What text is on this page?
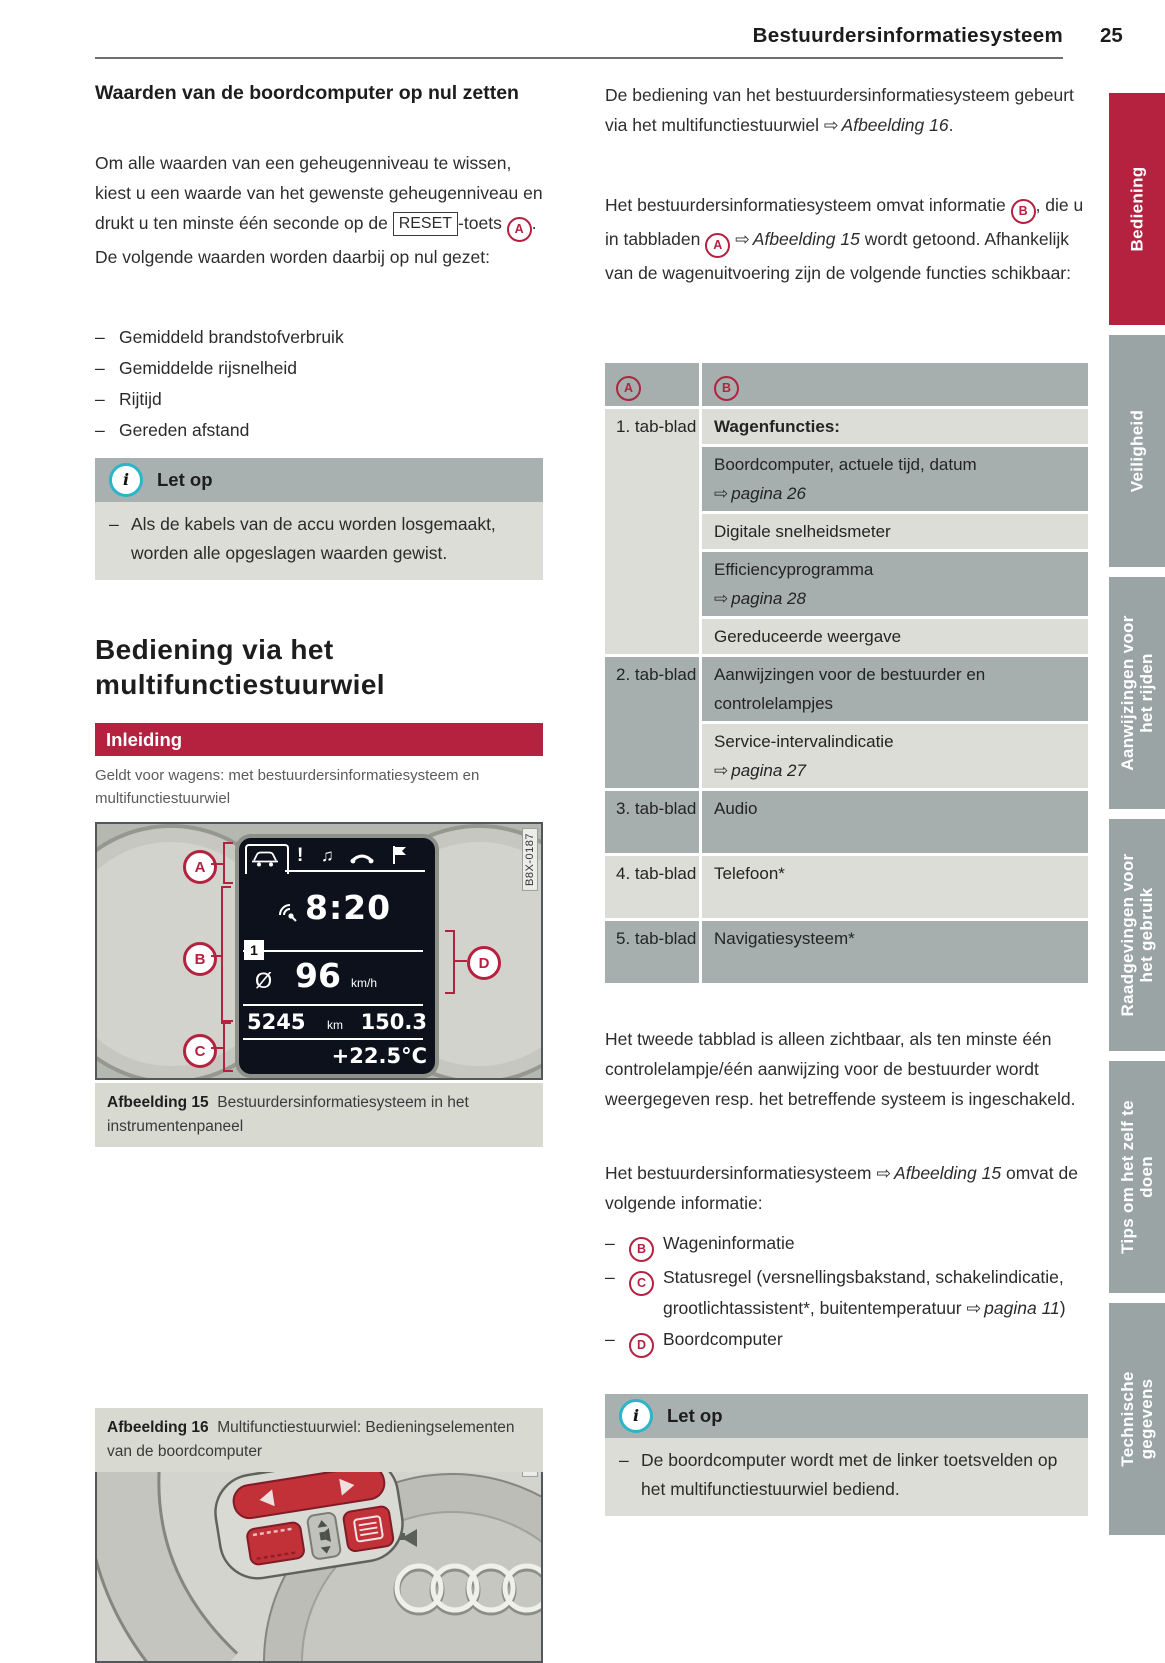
Bestuurdersinformatiesysteem 25
Waarden van de boordcomputer op nul zetten
Om alle waarden van een geheugenniveau te wissen, kiest u een waarde van het gewenste geheugenniveau en drukt u ten minste één seconde op de RESET -toets A . De volgende waarden worden daarbij op nul gezet:
– Gemiddeld brandstofverbruik
– Gemiddelde rijsnelheid
– Rijtijd
– Gereden afstand
i Let op
– Als de kabels van de accu worden losgemaakt, worden alle opgeslagen waarden gewist.
Bediening via het multifunctiestuurwiel
Inleiding
Geldt voor wagens: met bestuurdersinformatiesysteem en multifunctiestuurwiel
! ♫
8:20
1
Ø 96 km/h
5245 km 150.3
+22.5°C
A
B
C
D
B8X-0187
Afbeelding 15 Bestuurdersinformatiesysteem in het instrumentenpaneel
Afbeelding 16 Multifunctiestuurwiel: Bedieningselementen van de boordcomputer
De bediening van het bestuurdersinformatiesysteem gebeurt via het multifunctiestuurwiel ⇨ Afbeelding 16.
Het bestuurdersinformatiesysteem omvat informatie B , die u in tabbladen A ⇨ Afbeelding 15 wordt getoond. Afhankelijk van de wagenuitvoering zijn de volgende functies schikbaar:
A	B
1. tab-blad	Wagenfuncties:
Boordcomputer, actuele tijd, datum
⇨ pagina 26
Digitale snelheidsmeter
Efficiencyprogramma
⇨ pagina 28
Gereduceerde weergave
2. tab-blad	Aanwijzingen voor de bestuurder en controlelampjes
Service-intervalindicatie
⇨ pagina 27
3. tab-blad	Audio
4. tab-blad	Telefoon*
5. tab-blad	Navigatiesysteem*
Het tweede tabblad is alleen zichtbaar, als ten minste één controlelampje/één aanwijzing voor de bestuurder wordt weergegeven resp. het betreffende systeem is ingeschakeld.
Het bestuurdersinformatiesysteem ⇨ Afbeelding 15 omvat de volgende informatie:
–	B Wageninformatie
–	C Statusregel (versnellingsbakstand, schakelindicatie, grootlichtassistent*, buitentemperatuur ⇨ pagina 11)
–	D Boordcomputer
i Let op
– De boordcomputer wordt met de linker toetsvelden op het multifunctiestuurwiel bediend.
Bediening
Veiligheid
Aanwijzingen voor het rijden
Raadgevingen voor het gebruik
Tips om het zelf te doen
Technische gegevens
